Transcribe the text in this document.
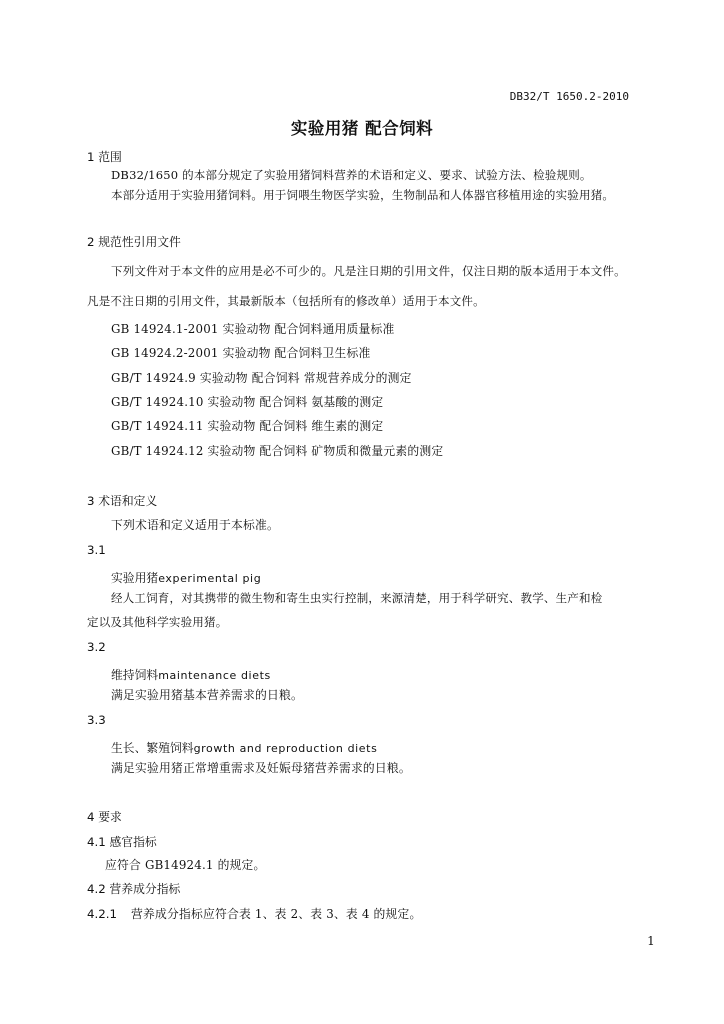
DB32/T 1650.2-2010
实验用猪 配合饲料
1 范围
DB32/1650 的本部分规定了实验用猪饲料营养的术语和定义、要求、试验方法、检验规则。
本部分适用于实验用猪饲料。用于饲喂生物医学实验，生物制品和人体器官移植用途的实验用猪。
2 规范性引用文件
下列文件对于本文件的应用是必不可少的。凡是注日期的引用文件，仅注日期的版本适用于本文件。
凡是不注日期的引用文件，其最新版本（包括所有的修改单）适用于本文件。
GB 14924.1-2001 实验动物 配合饲料通用质量标准
GB 14924.2-2001 实验动物 配合饲料卫生标准
GB/T 14924.9 实验动物 配合饲料 常规营养成分的测定
GB/T 14924.10 实验动物 配合饲料 氨基酸的测定
GB/T 14924.11 实验动物 配合饲料 维生素的测定
GB/T 14924.12 实验动物 配合饲料 矿物质和微量元素的测定
3 术语和定义
下列术语和定义适用于本标准。
3.1
实验用猪experimental pig
经人工饲育，对其携带的微生物和寄生虫实行控制，来源清楚，用于科学研究、教学、生产和检
定以及其他科学实验用猪。
3.2
维持饲料maintenance diets
满足实验用猪基本营养需求的日粮。
3.3
生长、繁殖饲料growth and reproduction diets
满足实验用猪正常增重需求及妊娠母猪营养需求的日粮。
4 要求
4.1 感官指标
应符合 GB14924.1 的规定。
4.2 营养成分指标
4.2.1 营养成分指标应符合表 1、表 2、表 3、表 4 的规定。
1
